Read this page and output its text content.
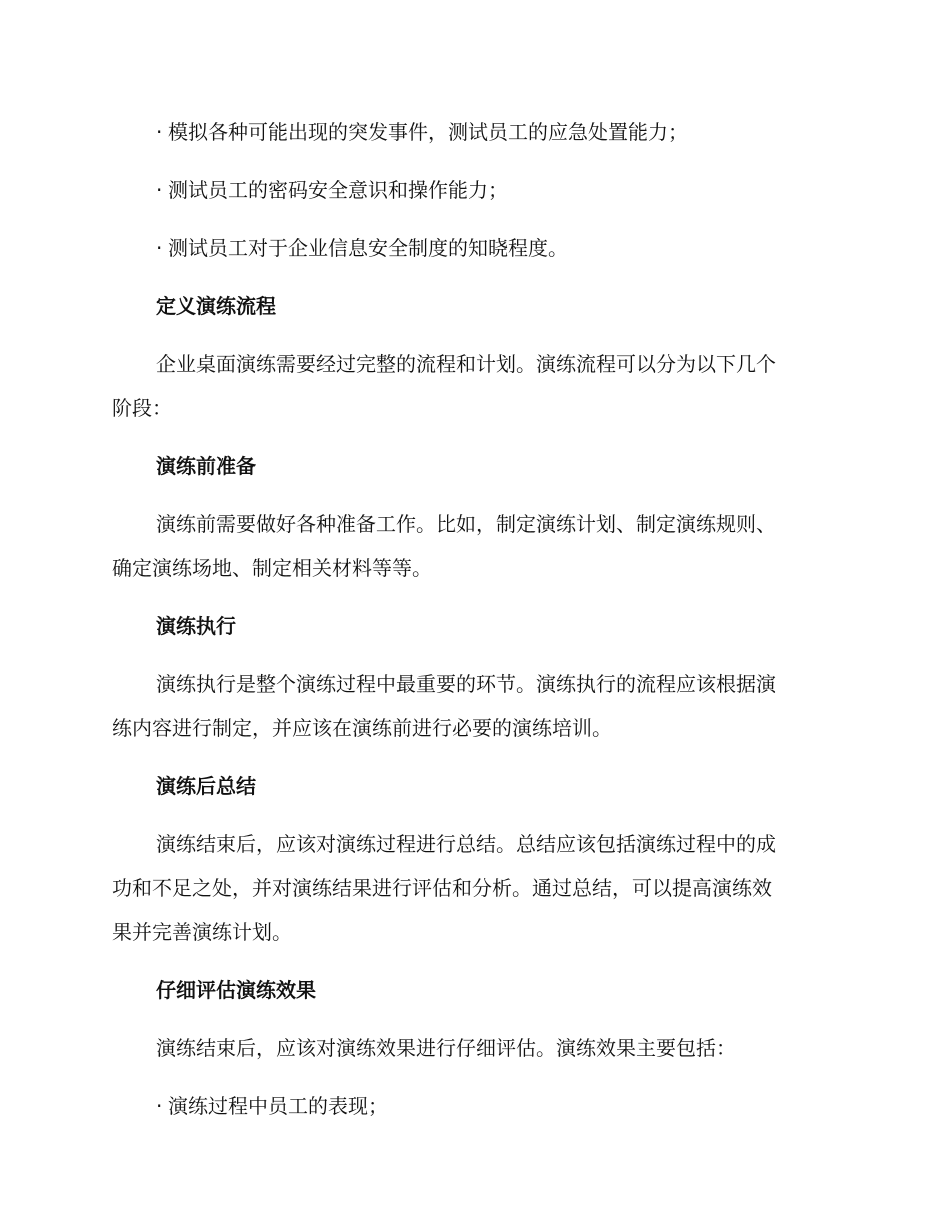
· 模拟各种可能出现的突发事件，测试员工的应急处置能力；

· 测试员工的密码安全意识和操作能力；

· 测试员工对于企业信息安全制度的知晓程度。

定义演练流程

企业桌面演练需要经过完整的流程和计划。演练流程可以分为以下几个

阶段：

演练前准备

演练前需要做好各种准备工作。比如，制定演练计划、制定演练规则、

确定演练场地、制定相关材料等等。

演练执行

演练执行是整个演练过程中最重要的环节。演练执行的流程应该根据演

练内容进行制定，并应该在演练前进行必要的演练培训。

演练后总结

演练结束后，应该对演练过程进行总结。总结应该包括演练过程中的成

功和不足之处，并对演练结果进行评估和分析。通过总结，可以提高演练效

果并完善演练计划。

仔细评估演练效果

演练结束后，应该对演练效果进行仔细评估。演练效果主要包括：

· 演练过程中员工的表现；
